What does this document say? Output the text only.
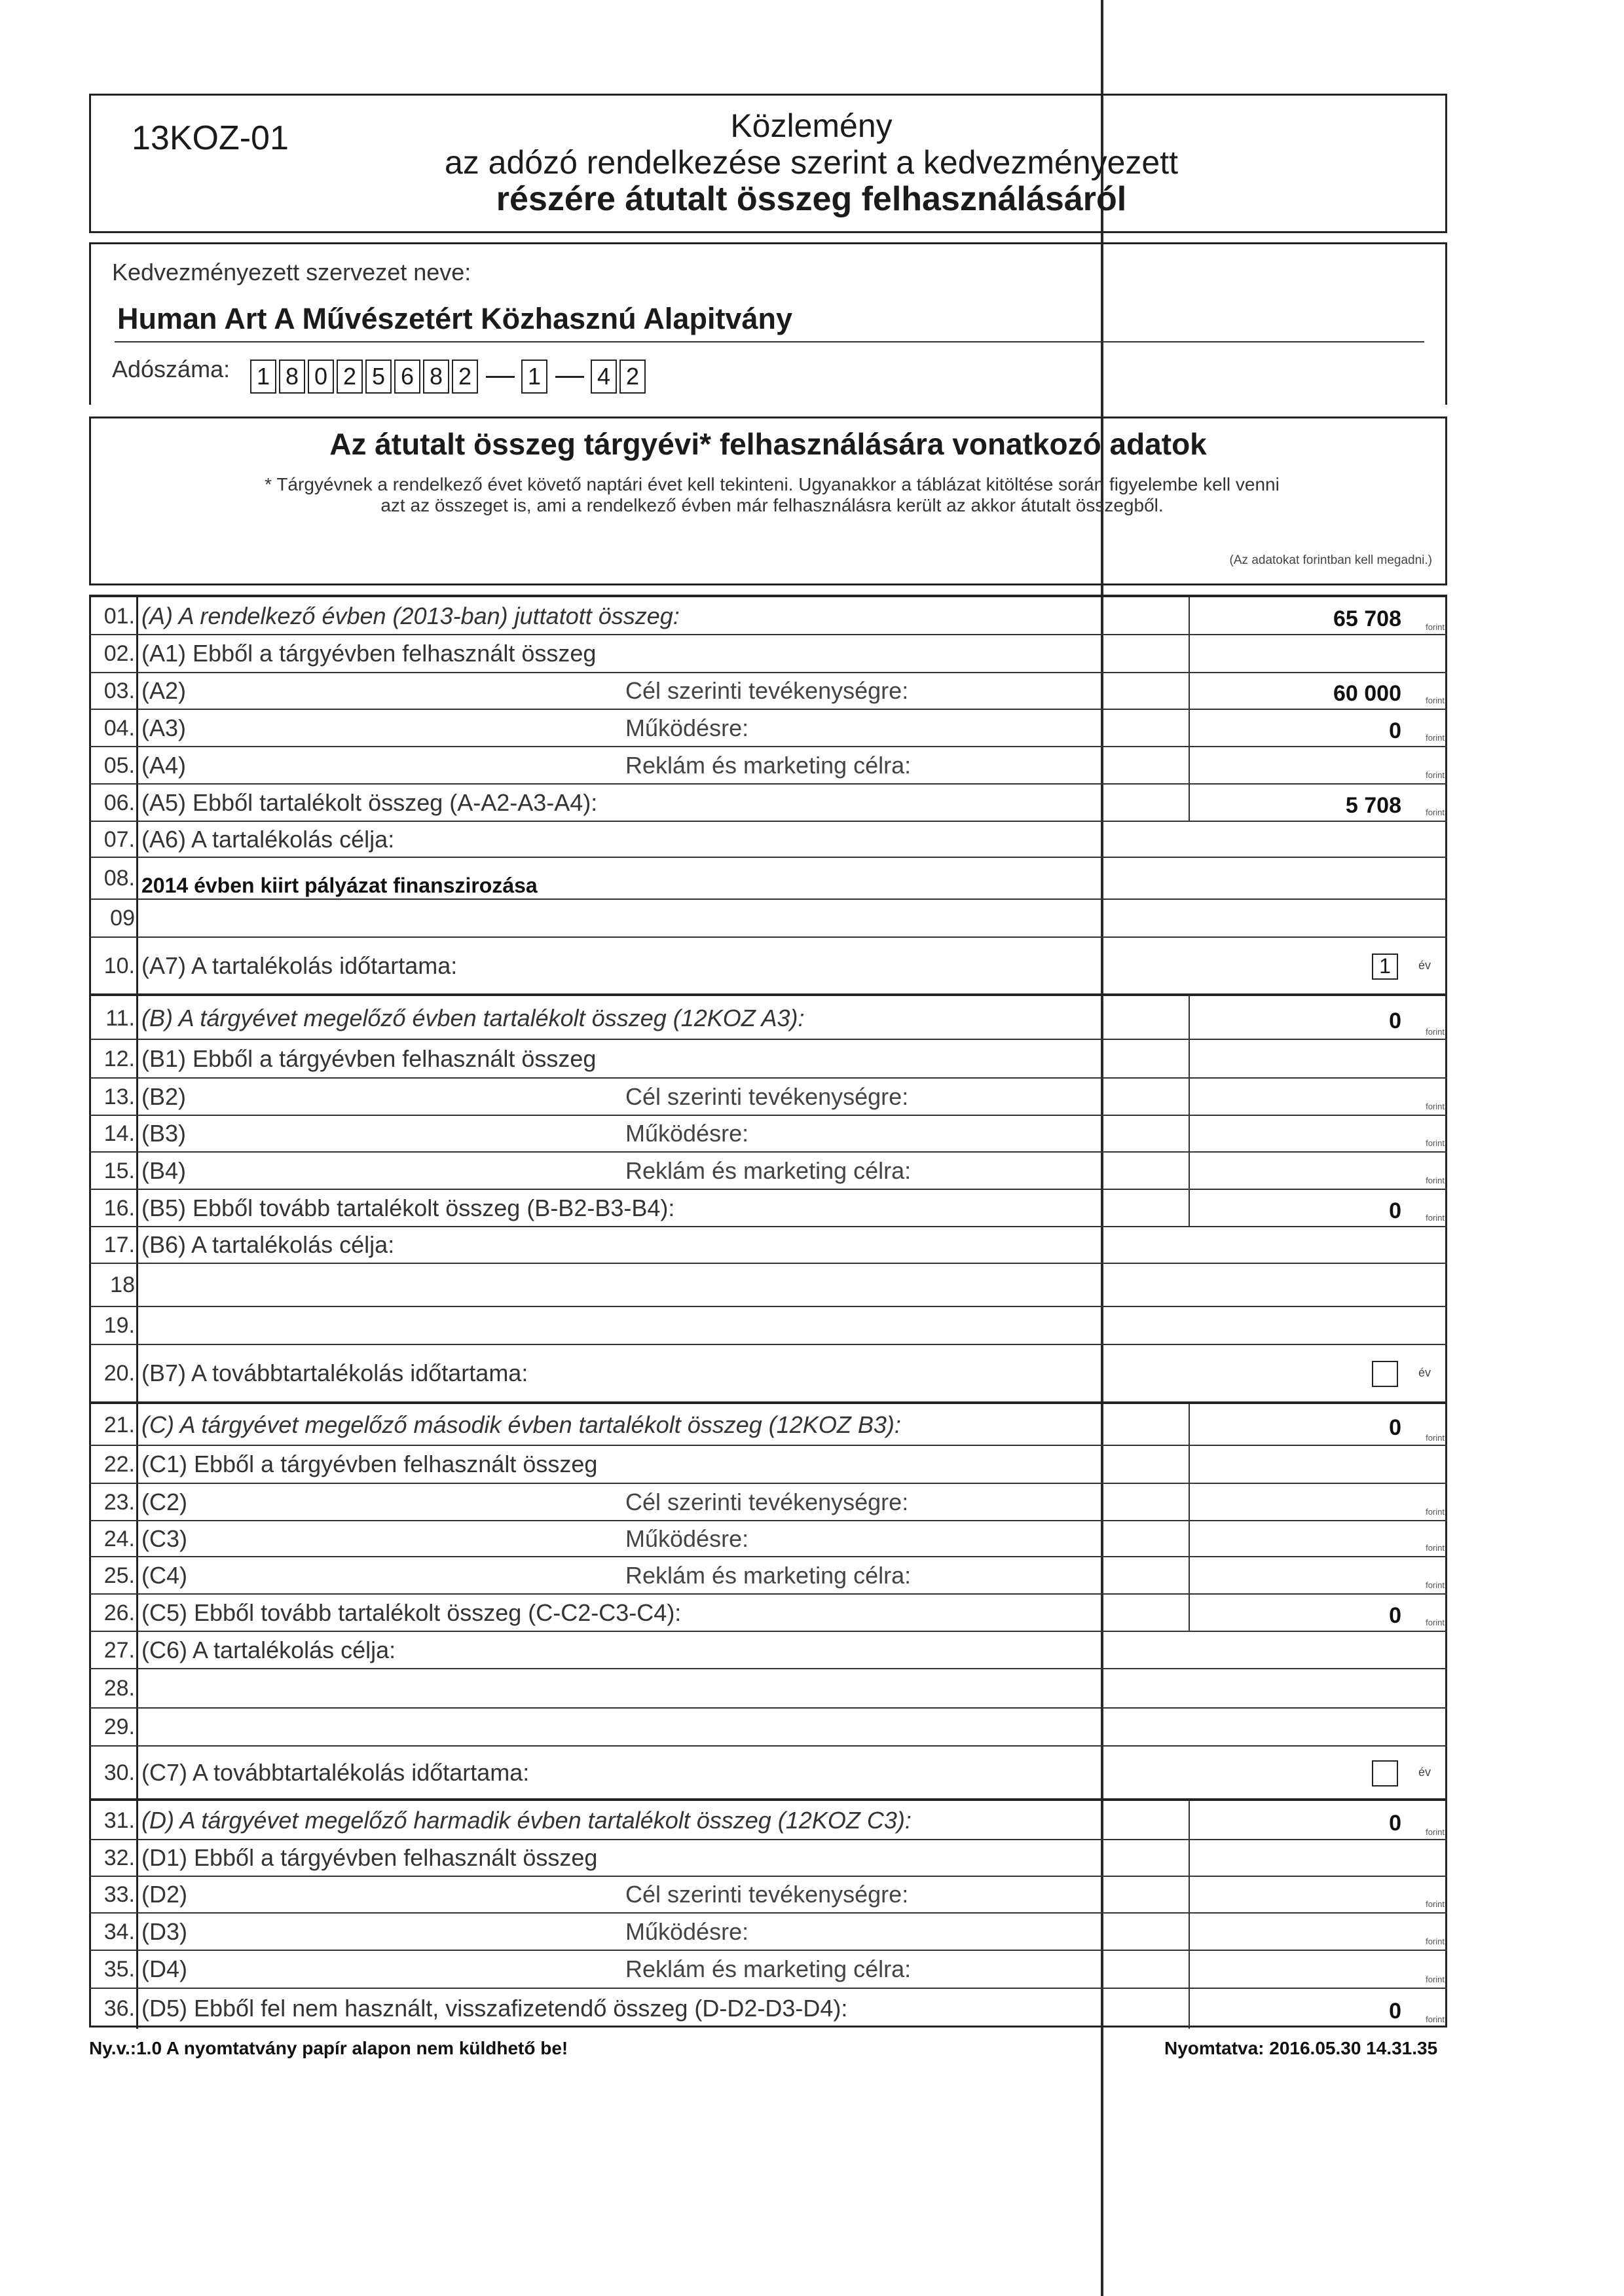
13KOZ-01	Közlemény
az adózó rendelkezése szerint a kedvezményezett
részére átutalt összeg felhasználásáról
Kedvezményezett szervezet neve:
Human Art A Művészetért Közhasznú Alapitvány
Adószáma: 1 8 0 2 5 6 8 2 1 4 2
Az átutalt összeg tárgyévi* felhasználására vonatkozó adatok
* Tárgyévnek a rendelkező évet követő naptári évet kell tekinteni. Ugyanakkor a táblázat kitöltése során figyelembe kell venni
azt az összeget is, ami a rendelkező évben már felhasználásra került az akkor átutalt összegből.
(Az adatokat forintban kell megadni.)
01. (A) A rendelkező évben (2013-ban) juttatott összeg:	65 708	forint
02. (A1) Ebből a tárgyévben felhasznált összeg
03. (A2)	Cél szerinti tevékenységre:	60 000	forint
04. (A3)	Működésre:	0	forint
05. (A4)	Reklám és marketing célra:	forint
06. (A5) Ebből tartalékolt összeg (A-A2-A3-A4):	5 708	forint
07. (A6) A tartalékolás célja:
08. 2014 évben kiirt pályázat finanszirozása
09
10. (A7) A tartalékolás időtartama:	1	év
11. (B) A tárgyévet megelőző évben tartalékolt összeg (12KOZ A3):	0	forint
12. (B1) Ebből a tárgyévben felhasznált összeg
13. (B2)	Cél szerinti tevékenységre:	forint
14. (B3)	Működésre:	forint
15. (B4)	Reklám és marketing célra:	forint
16. (B5) Ebből tovább tartalékolt összeg (B-B2-B3-B4):	0	forint
17. (B6) A tartalékolás célja:
18
19.
20. (B7) A továbbtartalékolás időtartama:	év
21. (C) A tárgyévet megelőző második évben tartalékolt összeg (12KOZ B3):	0	forint
22. (C1) Ebből a tárgyévben felhasznált összeg
23. (C2)	Cél szerinti tevékenységre:	forint
24. (C3)	Működésre:	forint
25. (C4)	Reklám és marketing célra:	forint
26. (C5) Ebből tovább tartalékolt összeg (C-C2-C3-C4):	0	forint
27. (C6) A tartalékolás célja:
28.
29.
30. (C7) A továbbtartalékolás időtartama:	év
31. (D) A tárgyévet megelőző harmadik évben tartalékolt összeg (12KOZ C3):	0	forint
32. (D1) Ebből a tárgyévben felhasznált összeg
33. (D2)	Cél szerinti tevékenységre:	forint
34. (D3)	Működésre:	forint
35. (D4)	Reklám és marketing célra:	forint
36. (D5) Ebből fel nem használt, visszafizetendő összeg (D-D2-D3-D4):	0	forint
Ny.v.:1.0 A nyomtatvány papír alapon nem küldhető be!	Nyomtatva: 2016.05.30 14.31.35
